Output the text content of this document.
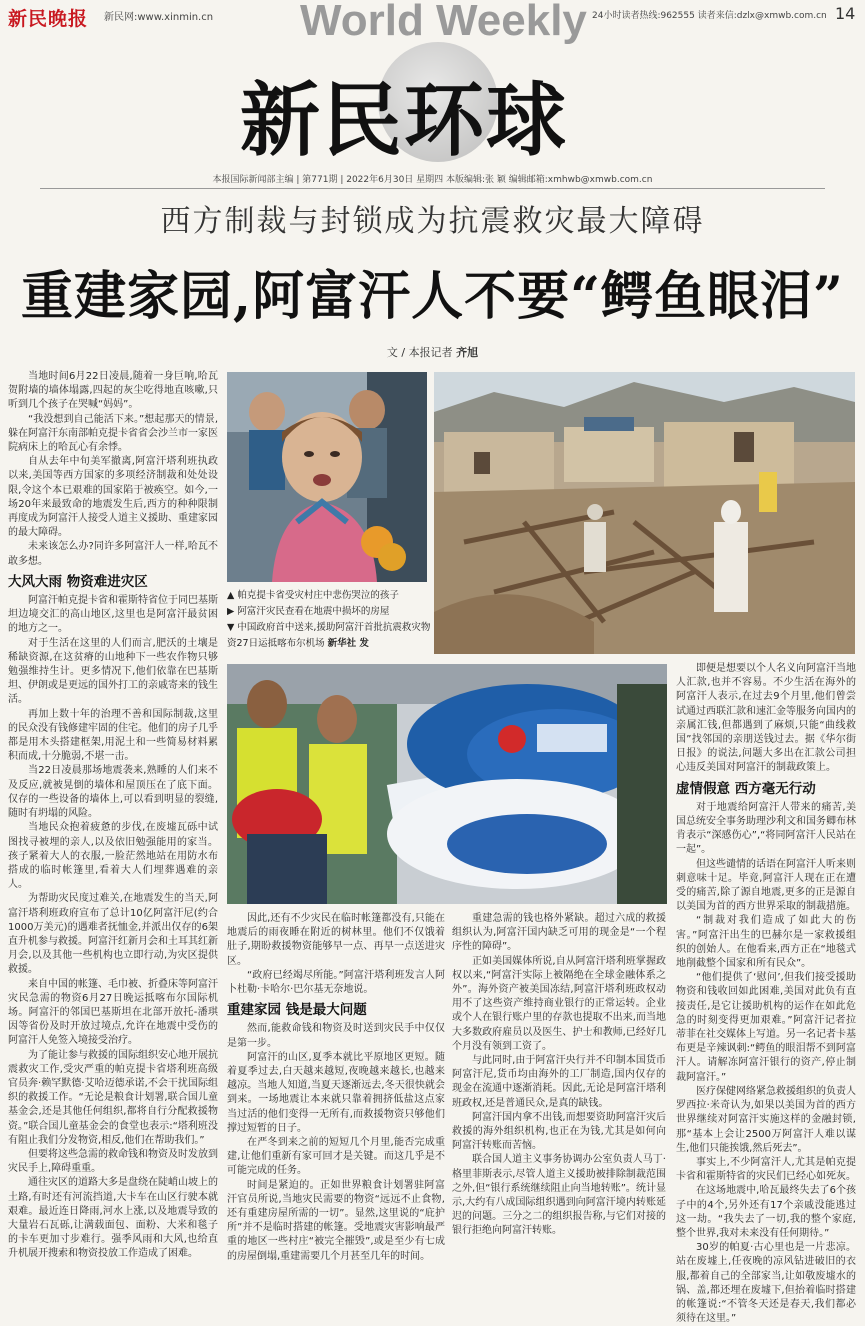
新民晚报 新民网:www.xinmin.cn World Weekly 24小时读者热线:962555 读者来信:dzlx@xmwb.com.cn 14
新民环球
本报国际新闻部主编 | 第771期 | 2022年6月30日 星期四 本版编辑:张 颖 编辑邮箱:xmhwb@xmwb.com.cn
西方制裁与封锁成为抗震救灾最大障碍
重建家园,阿富汗人不要“鳄鱼眼泪”
文 / 本报记者 齐旭
▲ 帕克提卡省受灾村庄中悲伤哭泣的孩子
▶ 阿富汗灾民查看在地震中损坏的房屋
▼ 中国政府首中送来,援助阿富汗首批抗震救灾物资27日运抵喀布尔机场 新华社 发

当地时间6月22日凌晨,随着一身巨响,哈瓦贺附墙的墙体塌露,四起的灰尘吃得地直咳嗽,只听到几个孩子在哭喊“妈妈”。

“我没想到自己能活下来。”想起那天的情景,躲在阿富汗东南部帕克提卡省省会沙兰市一家医院病床上的哈瓦心有余悸。

自从去年中旬美军撤离,阿富汗塔利班执政以来,美国等西方国家的多项经济制裁和处处设限,令这个本已艰难的国家陷于被痪空。如今,一场20年来最致命的地震发生后,西方的种种限制再度成为阿富汗人接受人道主义援助、重建家园的最大障碍。

未来该怎么办?同许多阿富汗人一样,哈瓦不敢多想。

大风大雨 物资难进灾区

阿富汗帕克提卡省和霍斯特省位于同巴基斯坦边境交汇的高山地区,这里也是阿富汗最贫困的地方之一。

对于生活在这里的人们而言,肥沃的土壤是稀缺资源,在这贫瘠的山地种下一些农作物只够勉强维持生计。更多情况下,他们依靠在巴基斯坦、伊朗或是更远的国外打工的亲戚寄来的钱生活。

再加上数十年的治理不善和国际制裁,这里的民众没有钱修建牢固的住宅。他们的房子几乎都是用木头搭建框架,用泥土和一些简易材料累积而成,十分脆弱,不堪一击。

当22日凌晨那场地震袭来,熟睡的人们来不及反应,就被晃倒的墙体和屋顶压在了底下面。仅存的一些设备的墙体上,可以看到明显的裂缝,随时有坍塌的风险。

当地民众抱着疲惫的步伐,在废墟瓦砾中试图找寻被埋的亲人,以及依旧勉强能用的家当。孩子紧着大人的衣服,一脸茫然地站在用防水布搭成的临时帐篷里,看着大人们埋葬遇难的亲人。

为帮助灾民度过难关,在地震发生的当天,阿富汗塔利班政府宣布了总计10亿阿富汗尼(约合1000万美元)的遇难者抚恤金,并派出仅存的6架直升机参与救援。阿富汗红新月会和土耳其红新月会,以及其他一些机构也立即行动,为灾区提供救援。

来自中国的帐篷、毛巾被、折叠床等阿富汗灾民急需的物资6月27日晚运抵喀布尔国际机场。阿富汗的邻国巴基斯坦在北部开放托-潘琪因等省份及时开放过境点,允许在地震中受伤的阿富汗人免签入境接受治疗。

为了能让参与救援的国际组织安心地开展抗震救灾工作,受灾严重的帕克提卡省塔利班高级官员奔·赖罕默德·艾哈迈德承诺,不会干扰国际组织的救援工作。“无论是粮食计划署,联合国儿童基金会,还是其他任何组织,都将自行分配救援物资。”联合国儿童基金会的食堂也表示:“塔利班没有阻止我们分发物资,相反,他们在帮助我们。”

但要将这些急需的救命钱和物资及时发放到灾民手上,障碍重重。

通往灾区的道路大多是盘绕在陡峭山坡上的土路,有时还有河流挡道,大卡车在山区行驶本就艰难。最近连日降雨,河水上涨,以及地震导致的大量岩石瓦砾,让满载面包、面粉、大米和毯子的卡车更加寸步难行。强季风雨和大风,也给直升机展开搜索和物资投放工作造成了困难。

因此,还有不少灾民在临时帐篷都没有,只能在地震后的雨夜睡在附近的树林里。他们不仅饿着肚子,期盼救援物资能够早一点、再早一点送进灾区。

“政府已经竭尽所能。”阿富汗塔利班发言人阿卜杜勒·卡哈尔·巴尔基无奈地说。

重建家园 钱是最大问题

然而,能救命钱和物资及时送到灾民手中仅仅是第一步。

阿富汗的山区,夏季本就比平原地区更短。随着夏季过去,白天越来越短,夜晚越来越长,也越来越凉。当地人知道,当夏天逐渐远去,冬天很快就会到来。一场地震让本来就只靠着拥挤低盐这点家当过活的他们变得一无所有,而救援物资只够他们撑过短暂的日子。

在严冬到来之前的短短几个月里,能否完成重建,让他们重新有家可回才是关键。而这几乎是不可能完成的任务。

时间是紧迫的。正如世界粮食计划署驻阿富汗官员所说,当地灾民需要的物资“远远不止食物,还有重建房屋所需的一切”。显然,这里说的“庇护所”并不是临时搭建的帐篷。受地震灾害影响最严重的地区一些村庄“被完全摧毁”,或是至少有七成的房屋倒塌,重建需要几个月甚至几年的时间。

重建急需的钱也格外紧缺。超过六成的救援组织认为,阿富汗国内缺乏可用的现金是“一个程序性的障碍”。

正如美国媒体所说,自从阿富汗塔利班掌握政权以来,“阿富汗实际上被隔绝在全球金融体系之外”。海外资产被美国冻结,阿富汗塔利班政权动用不了这些资产维持商业银行的正常运转。企业或个人在银行账户里的存款也提取不出来,而当地大多数政府雇员以及医生、护士和教师,已经好几个月没有领到工资了。

与此同时,由于阿富汗央行并不印制本国货币阿富汗尼,货币均由海外的工厂制造,国内仅存的现金在流通中逐渐消耗。因此,无论是阿富汗塔利班政权,还是普通民众,是真的缺钱。

阿富汗国内拿不出钱,而想要资助阿富汗灾后救援的海外组织机构,也正在为钱,尤其是如何向阿富汗转账而苦恼。

联合国人道主义事务协调办公室负责人马丁·格里菲斯表示,尽管人道主义援助被排除制裁范围之外,但“银行系统继续阻止向当地转账”。统计显示,大约有八成国际组织遇到向阿富汗境内转账延迟的问题。三分之二的组织报告称,与它们对接的银行拒绝向阿富汗转账。

即便是想要以个人名义向阿富汗当地人汇款,也并不容易。不少生活在海外的阿富汗人表示,在过去9个月里,他们曾尝试通过西联汇款和速汇金等服务向国内的亲属汇钱,但都遇到了麻烦,只能“曲线救国”找邻国的亲朋送钱过去。据《华尔街日报》的说法,问题大多出在汇款公司担心违反美国对阿富汗的制裁政策上。

虚情假意 西方毫无行动

对于地震给阿富汗人带来的痛苦,美国总统安全事务助理沙利文和国务卿布林肯表示“深感伤心”,“将同阿富汗人民站在一起”。

但这些谴情的话语在阿富汗人听来则刺意味十足。毕竟,阿富汗人现在正在遭受的痛苦,除了源自地震,更多的正是源自以美国为首的西方世界采取的制裁措施。

“制裁对我们造成了如此大的伤害。”阿富汗出生的巴赫尔是一家救援组织的创始人。在他看来,西方正在“地毯式地削截整个国家和所有民众”。

“他们提供了‘慰问’,但我们接受援助物资和钱收回如此困难,美国对此负有直接责任,是它让援助机构的运作在如此危急的时刻变得更加艰难。”阿富汗记者拉蒂菲在社交媒体上写道。另一名记者卡基布更是辛辣讽刺:“鳄鱼的眼泪帮不到阿富汗人。请解冻阿富汗银行的资产,停止制裁阿富汗。”

医疗保健网络紧急救援组织的负责人罗西拉·米奇认为,如果以美国为首的西方世界继续对阿富汗实施这样的金融封锁,那“基本上会让2500万阿富汗人难以谋生,他们只能挨饿,然后死去”。

事实上,不少阿富汗人,尤其是帕克提卡省和霍斯特省的灾民们已经心如死灰。

在这场地震中,哈瓦最终失去了6个孩子中的4个,另外还有17个亲戚没能逃过这一劫。“我失去了一切,我的整个家庭,整个世界,我对未来没有任何期待。”

30岁的帕夏·古心里也是一片悲凉。站在废墟上,任夜晚的凉风钻进破旧的衣服,都着自己的全部家当,让如敬废墟水的锅、盖,都还埋在废墟下,但抬着临时搭建的帐篷说:“不管冬天还是春天,我们都必须待在这里。”
